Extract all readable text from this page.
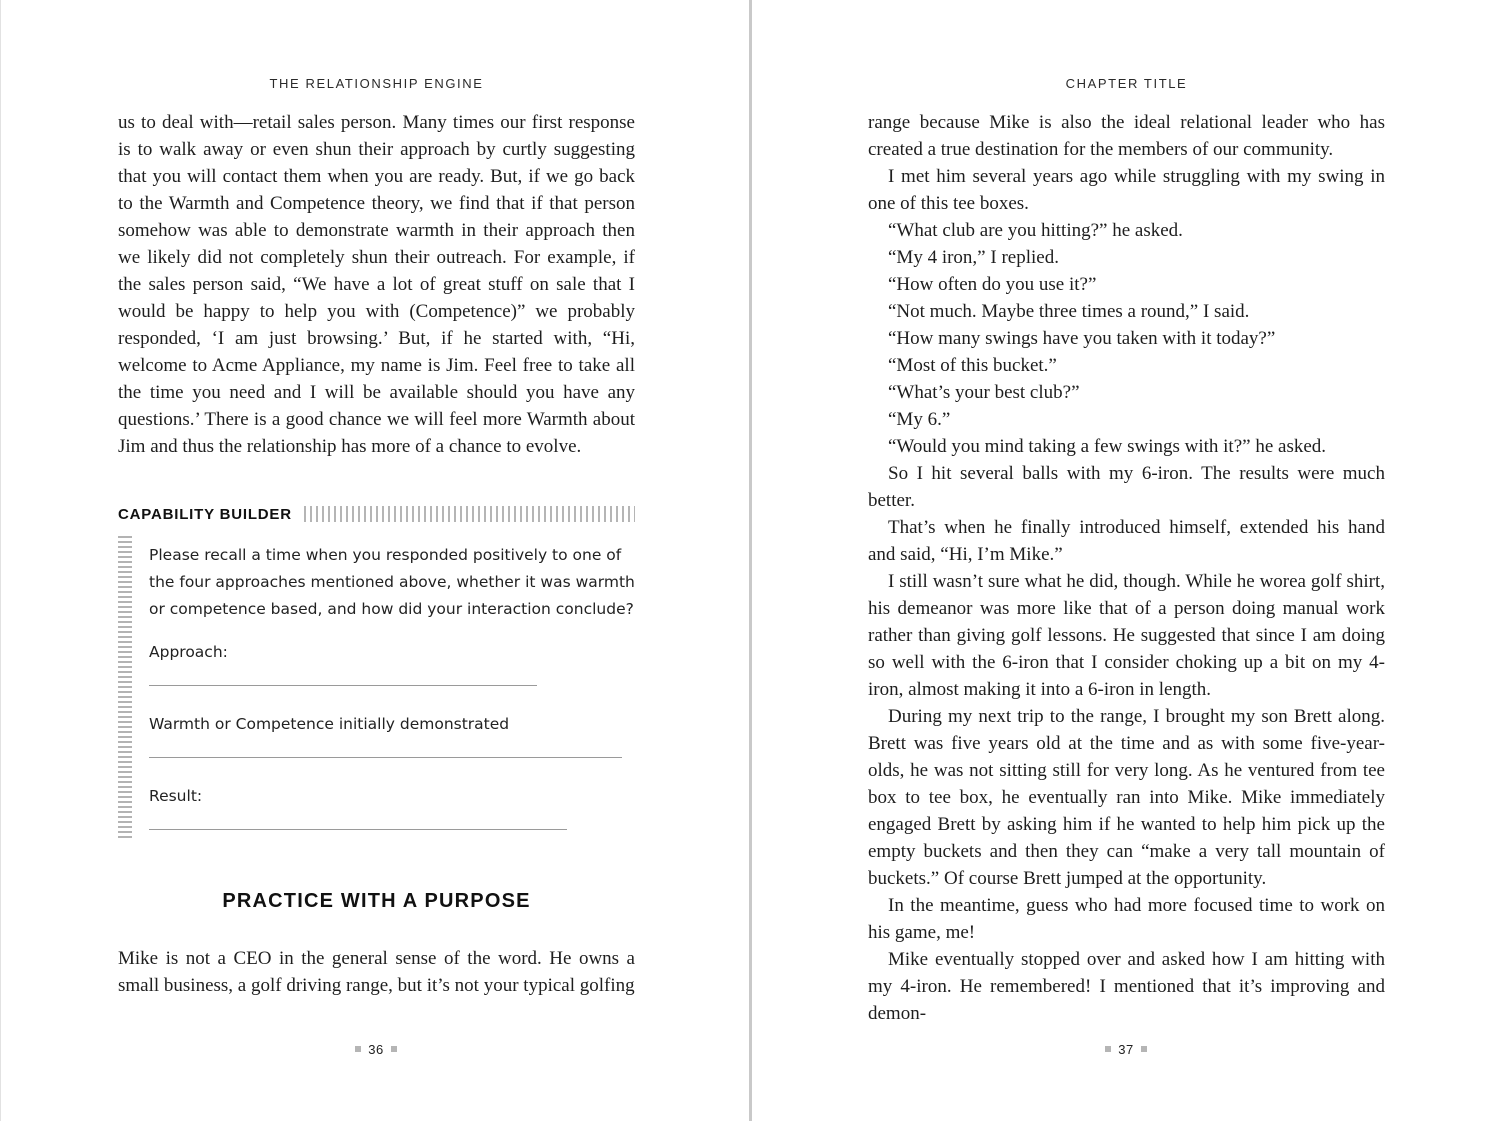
THE RELATIONSHIP ENGINE

us to deal with—retail sales person. Many times our first response is to walk away or even shun their approach by curtly suggesting that you will contact them when you are ready. But, if we go back to the Warmth and Competence theory, we find that if that person somehow was able to demonstrate warmth in their approach then we likely did not completely shun their outreach. For example, if the sales person said, “We have a lot of great stuff on sale that I would be happy to help you with (Competence)” we probably responded, ‘I am just browsing.’ But, if he started with, “Hi, welcome to Acme Appliance, my name is Jim. Feel free to take all the time you need and I will be available should you have any questions.’ There is a good chance we will feel more Warmth about Jim and thus the relationship has more of a chance to evolve.

CAPABILITY BUILDER
Please recall a time when you responded positively to one of the four approaches mentioned above, whether it was warmth or competence based, and how did your interaction conclude?
Approach:
Warmth or Competence initially demonstrated
Result:
PRACTICE WITH A PURPOSE

Mike is not a CEO in the general sense of the word. He owns a small business, a golf driving range, but it’s not your typical golfing

36
CHAPTER TITLE

range because Mike is also the ideal relational leader who has created a true destination for the members of our community.

I met him several years ago while struggling with my swing in one of this tee boxes.

“What club are you hitting?” he asked.

“My 4 iron,” I replied.

“How often do you use it?”

“Not much. Maybe three times a round,” I said.

“How many swings have you taken with it today?”

“Most of this bucket.”

“What’s your best club?”

“My 6.”

“Would you mind taking a few swings with it?” he asked.

So I hit several balls with my 6-iron. The results were much better.

That’s when he finally introduced himself, extended his hand and said, “Hi, I’m Mike.”

I still wasn’t sure what he did, though. While he worea golf shirt, his demeanor was more like that of a person doing manual work rather than giving golf lessons. He suggested that since I am doing so well with the 6-iron that I consider choking up a bit on my 4-iron, almost making it into a 6-iron in length.

During my next trip to the range, I brought my son Brett along. Brett was five years old at the time and as with some five-year-olds, he was not sitting still for very long. As he ventured from tee box to tee box, he eventually ran into Mike. Mike immediately engaged Brett by asking him if he wanted to help him pick up the empty buckets and then they can “make a very tall mountain of buckets.” Of course Brett jumped at the opportunity.

In the meantime, guess who had more focused time to work on his game, me!

Mike eventually stopped over and asked how I am hitting with my 4-iron. He remembered! I mentioned that it’s improving and demon-

37
